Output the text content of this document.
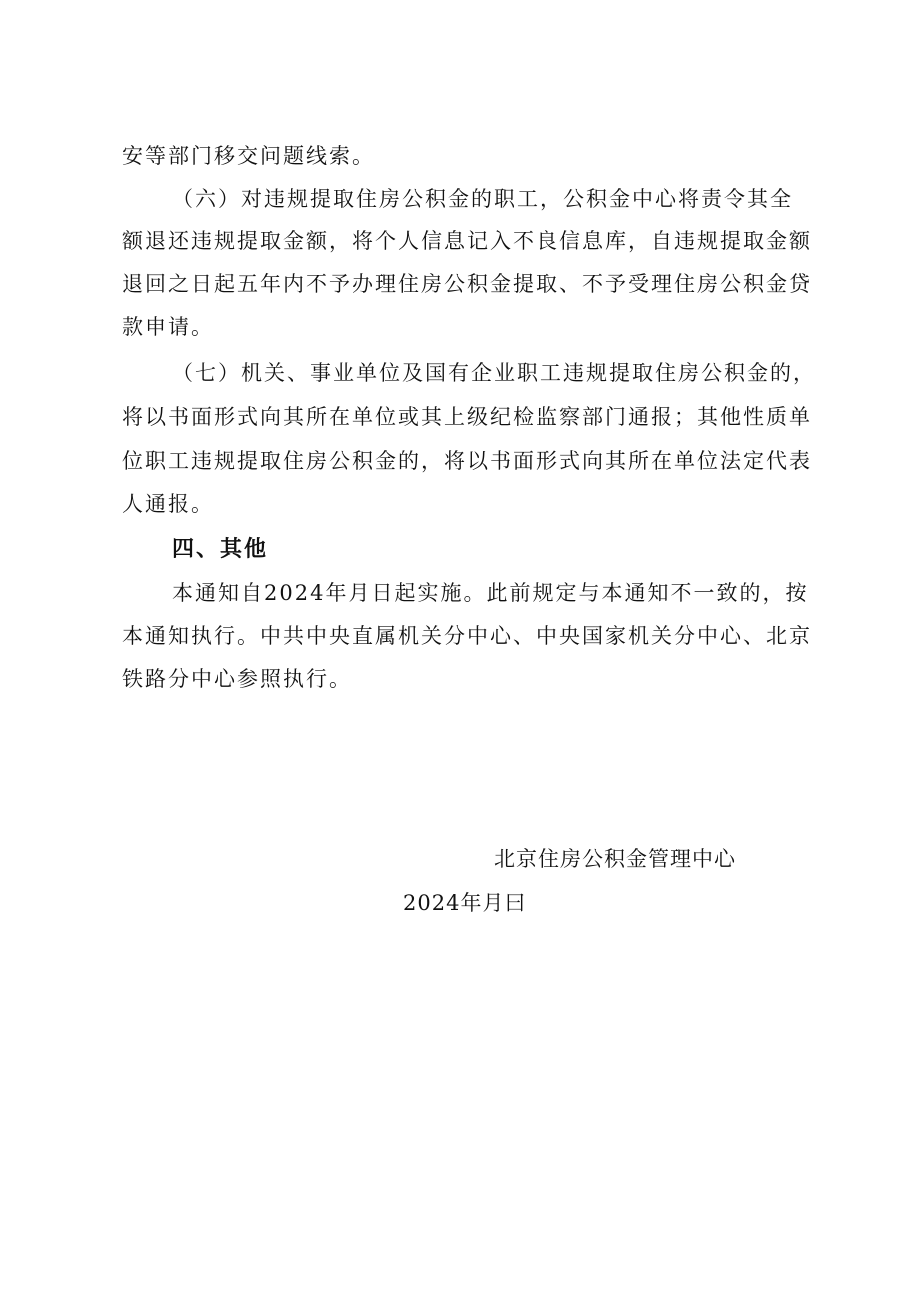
安等部门移交问题线索。
（六）对违规提取住房公积金的职工，公积金中心将责令其全
额退还违规提取金额，将个人信息记入不良信息库，自违规提取金额
退回之日起五年内不予办理住房公积金提取、不予受理住房公积金贷
款申请。
（七）机关、事业单位及国有企业职工违规提取住房公积金的，
将以书面形式向其所在单位或其上级纪检监察部门通报；其他性质单
位职工违规提取住房公积金的，将以书面形式向其所在单位法定代表
人通报。
四、其他
本通知自2024年月日起实施。此前规定与本通知不一致的，按
本通知执行。中共中央直属机关分中心、中央国家机关分中心、北京
铁路分中心参照执行。
北京住房公积金管理中心
2024年月曰
